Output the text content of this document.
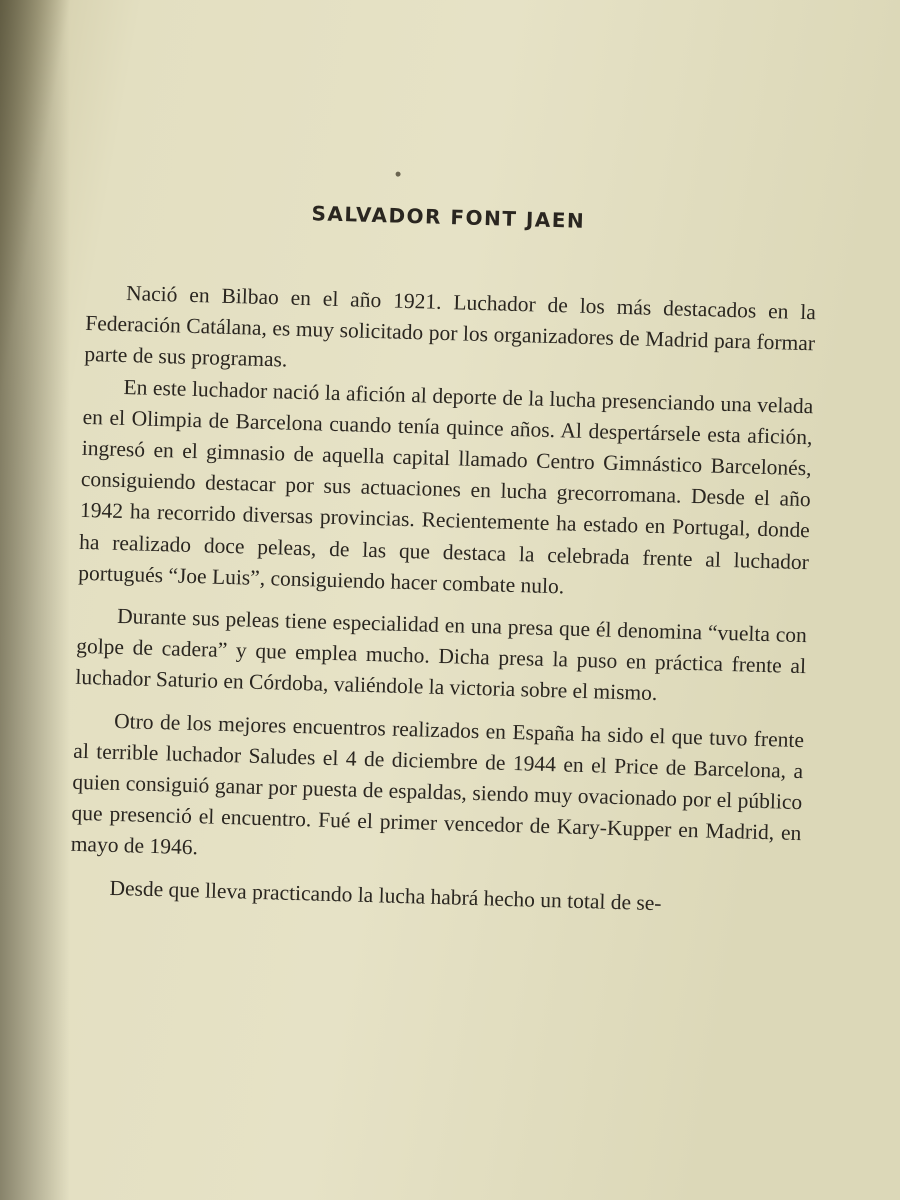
SALVADOR FONT JAEN

Nació en Bilbao en el año 1921. Luchador de los más destacados en la Federación Catálana, es muy solicitado por los organizadores de Madrid para formar parte de sus programas.

En este luchador nació la afición al deporte de la lucha presenciando una velada en el Olimpia de Barcelona cuando tenía quince años. Al despertársele esta afición, ingresó en el gimnasio de aquella capital llamado Centro Gimnástico Barcelonés, consiguiendo destacar por sus actuaciones en lucha grecorromana. Desde el año 1942 ha recorrido diversas provincias. Recientemente ha estado en Portugal, donde ha realizado doce peleas, de las que destaca la celebrada frente al luchador portugués “Joe Luis”, consiguiendo hacer combate nulo.

Durante sus peleas tiene especialidad en una presa que él denomina “vuelta con golpe de cadera” y que emplea mucho. Dicha presa la puso en práctica frente al luchador Saturio en Córdoba, valiéndole la victoria sobre el mismo.

Otro de los mejores encuentros realizados en España ha sido el que tuvo frente al terrible luchador Saludes el 4 de diciembre de 1944 en el Price de Barcelona, a quien consiguió ganar por puesta de espaldas, siendo muy ovacionado por el público que presenció el encuentro. Fué el primer vencedor de Kary-Kupper en Madrid, en mayo de 1946.

Desde que lleva practicando la lucha habrá hecho un total de se-
